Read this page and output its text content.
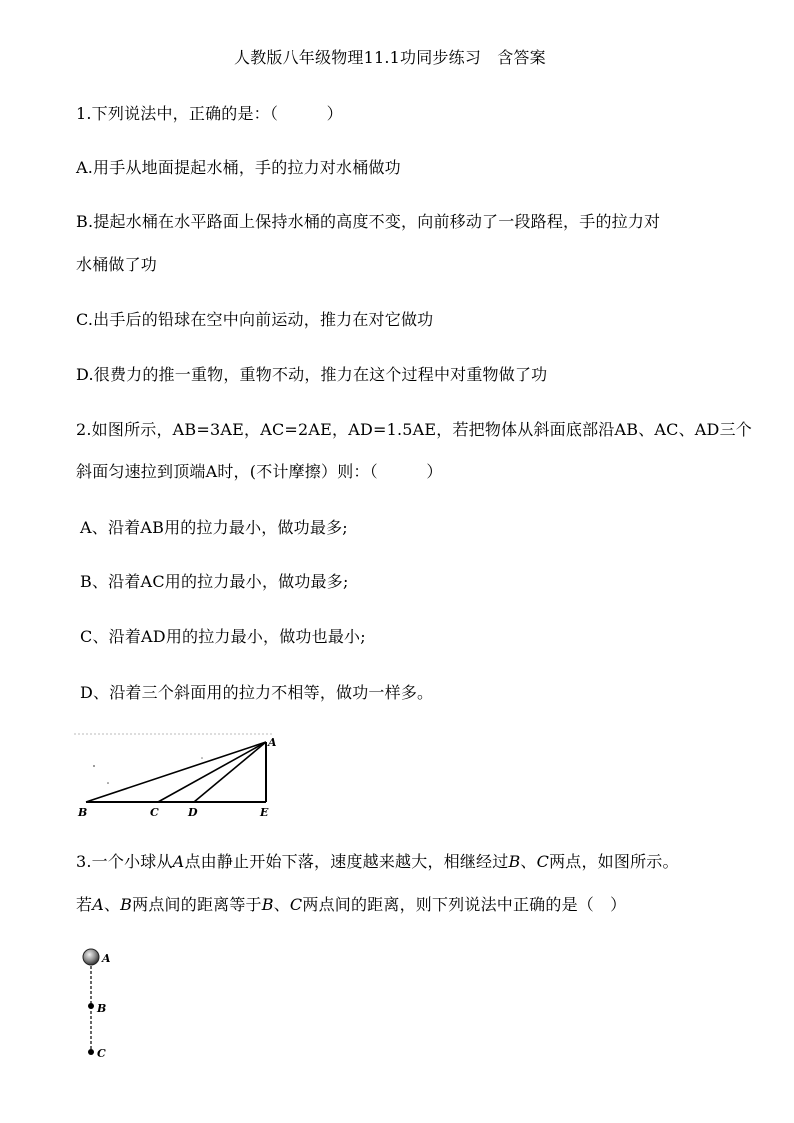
人教版八年级物理11.1功同步练习　含答案
1.下列说法中，正确的是：（　　　）
A.用手从地面提起水桶，手的拉力对水桶做功
B.提起水桶在水平路面上保持水桶的高度不变，向前移动了一段路程，手的拉力对
水桶做了功
C.出手后的铅球在空中向前运动，推力在对它做功
D.很费力的推一重物，重物不动，推力在这个过程中对重物做了功
2.如图所示，AB=3AE，AC=2AE，AD=1.5AE，若把物体从斜面底部沿AB、AC、AD三个
斜面匀速拉到顶端A时，(不计摩擦）则：（　　　）
A、沿着AB用的拉力最小，做功最多;
B、沿着AC用的拉力最小，做功最多;
C、沿着AD用的拉力最小，做功也最小;
D、沿着三个斜面用的拉力不相等，做功一样多。
A
B	C	D	E
3.一个小球从A点由静止开始下落，速度越来越大，相继经过B、C两点，如图所示。
若A、B两点间的距离等于B、C两点间的距离，则下列说法中正确的是（　）
A
B
C
